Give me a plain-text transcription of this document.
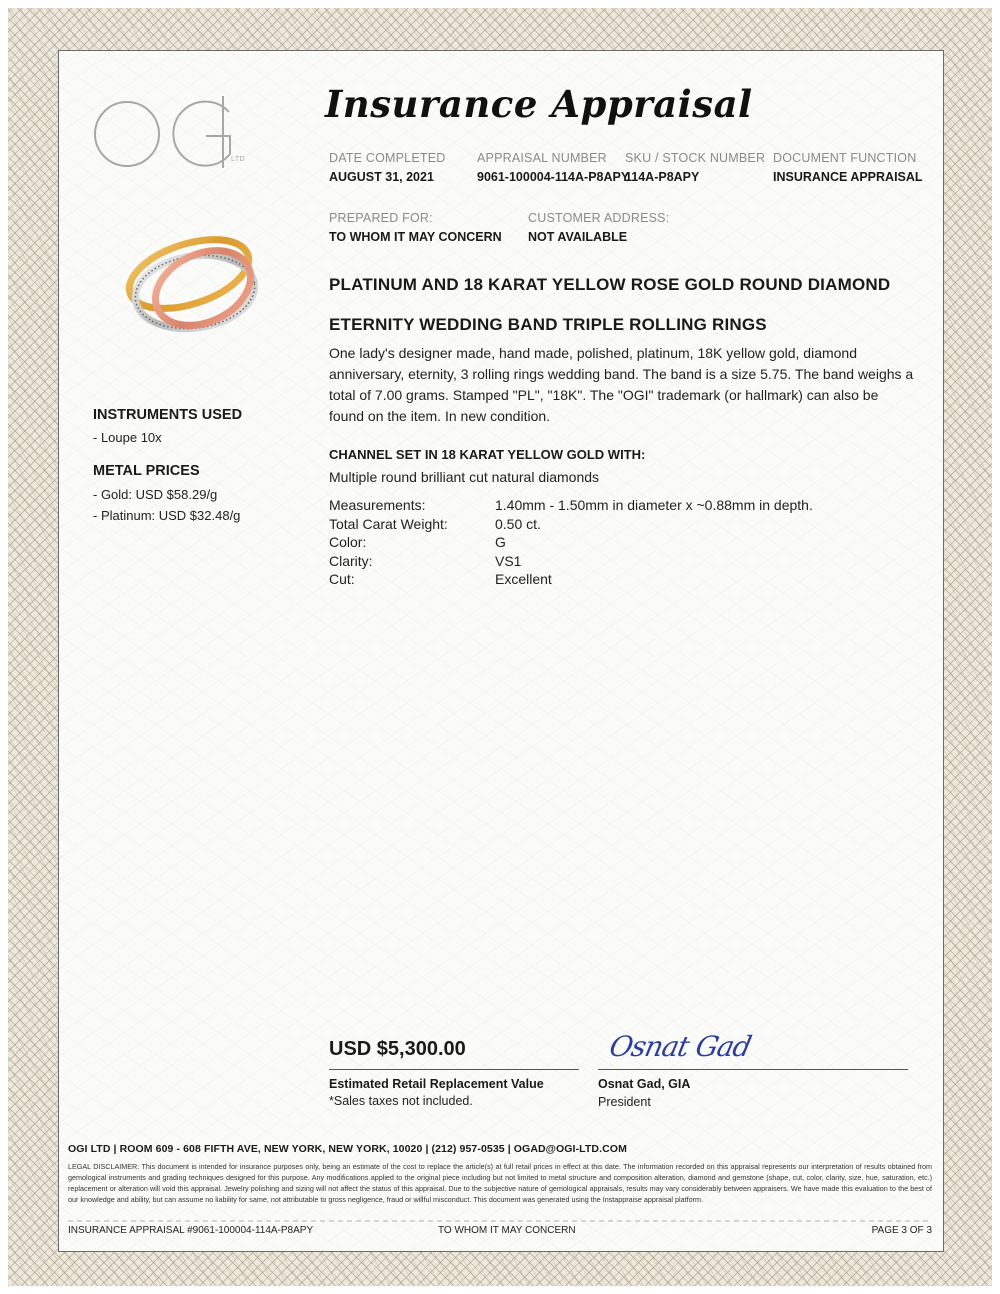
LTD
Insurance Appraisal
DATE COMPLETED
AUGUST 31, 2021
APPRAISAL NUMBER
9061-100004-114A-P8APY
SKU / STOCK NUMBER
114A-P8APY
DOCUMENT FUNCTION
INSURANCE APPRAISAL
PREPARED FOR:
TO WHOM IT MAY CONCERN
CUSTOMER ADDRESS:
NOT AVAILABLE
INSTRUMENTS USED
- Loupe 10x
METAL PRICES
- Gold: USD $58.29/g
- Platinum: USD $32.48/g
PLATINUM AND 18 KARAT YELLOW ROSE GOLD ROUND DIAMOND
ETERNITY WEDDING BAND TRIPLE ROLLING RINGS
One lady's designer made, hand made, polished, platinum, 18K yellow gold, diamond anniversary, eternity, 3 rolling rings wedding band. The band is a size 5.75. The band weighs a total of 7.00 grams. Stamped "PL", "18K". The "OGI" trademark (or hallmark) can also be found on the item. In new condition.
CHANNEL SET IN 18 KARAT YELLOW GOLD WITH:
Multiple round brilliant cut natural diamonds
Measurements:	1.40mm - 1.50mm in diameter x ~0.88mm in depth.
Total Carat Weight:	0.50 ct.
Color:	G
Clarity:	VS1
Cut:	Excellent
USD $5,300.00
Estimated Retail Replacement Value
*Sales taxes not included.
Osnat Gad
Osnat Gad, GIA
President
OGI LTD | ROOM 609 - 608 FIFTH AVE, NEW YORK, NEW YORK, 10020 | (212) 957-0535 | OGAD@OGI-LTD.COM
LEGAL DISCLAIMER: This document is intended for insurance purposes only, being an estimate of the cost to replace the article(s) at full retail prices in effect at this date. The information recorded on this appraisal represents our interpretation of results obtained from gemological instruments and grading techniques designed for this purpose. Any modifications applied to the original piece including but not limited to metal structure and composition alteration, diamond and gemstone (shape, cut, color, clarity, size, hue, saturation, etc.) replacement or alteration will void this appraisal. Jewelry polishing and sizing will not affect the status of this appraisal. Due to the subjective nature of gemological appraisals, results may vary considerably between appraisers. We have made this evaluation to the best of our knowledge and ability, but can assume no liability for same, not attributable to gross negligence, fraud or willful misconduct. This document was generated using the Instappraise appraisal platform.
INSURANCE APPRAISAL #9061-100004-114A-P8APY	TO WHOM IT MAY CONCERN	PAGE 3 OF 3
